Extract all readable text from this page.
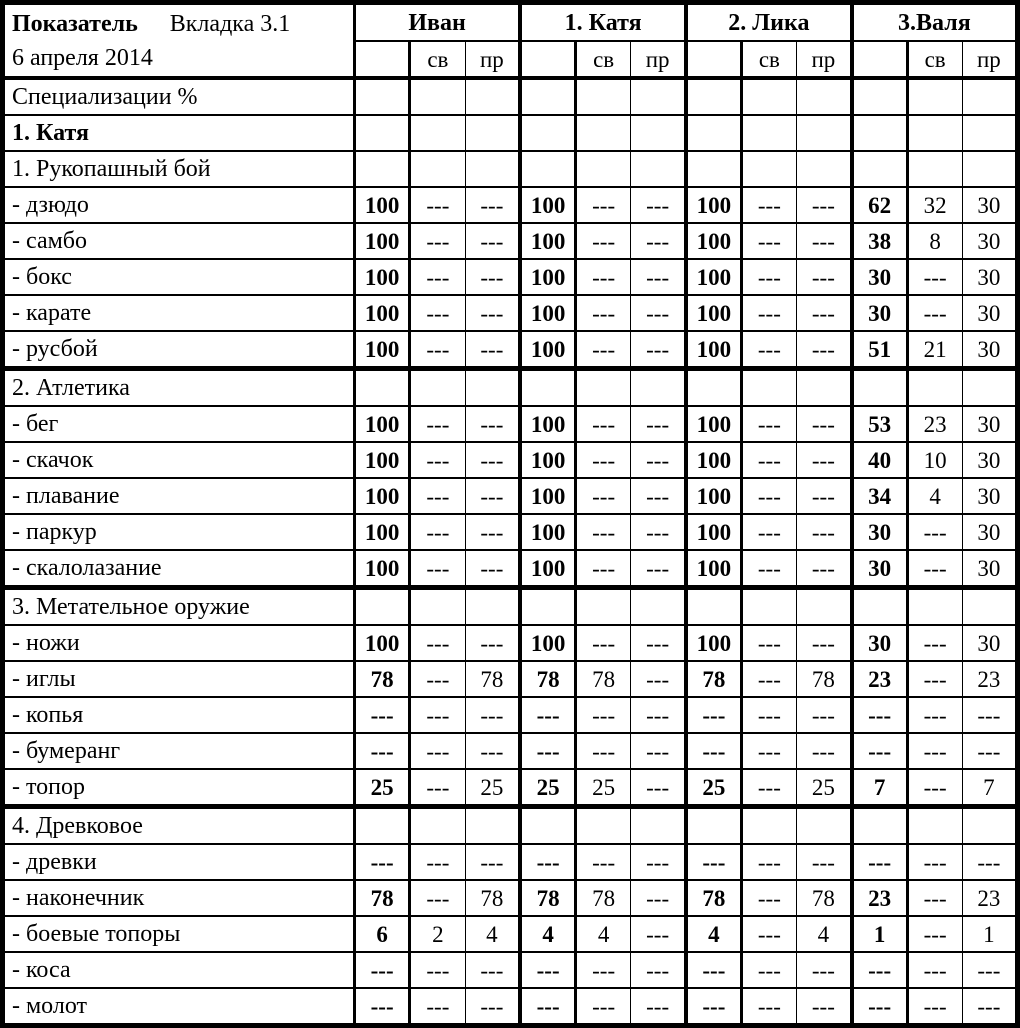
Показатель Вкладка 3.1
6 апреля 2014	Иван			1. Катя			2. Лика			3.Валя		
		св	пр		св	пр		св	пр		св	пр
Специализации %												
1. Катя												
1. Рукопашный бой												
- дзюдо	100	---	---	100	---	---	100	---	---	62	32	30
- самбо	100	---	---	100	---	---	100	---	---	38	8	30
- бокс	100	---	---	100	---	---	100	---	---	30	---	30
- карате	100	---	---	100	---	---	100	---	---	30	---	30
- русбой	100	---	---	100	---	---	100	---	---	51	21	30
2. Атлетика												
- бег	100	---	---	100	---	---	100	---	---	53	23	30
- скачок	100	---	---	100	---	---	100	---	---	40	10	30
- плавание	100	---	---	100	---	---	100	---	---	34	4	30
- паркур	100	---	---	100	---	---	100	---	---	30	---	30
- скалолазание	100	---	---	100	---	---	100	---	---	30	---	30
3. Метательное оружие												
- ножи	100	---	---	100	---	---	100	---	---	30	---	30
- иглы	78	---	78	78	78	---	78	---	78	23	---	23
- копья	---	---	---	---	---	---	---	---	---	---	---	---
- бумеранг	---	---	---	---	---	---	---	---	---	---	---	---
- топор	25	---	25	25	25	---	25	---	25	7	---	7
4. Древковое												
- древки	---	---	---	---	---	---	---	---	---	---	---	---
- наконечник	78	---	78	78	78	---	78	---	78	23	---	23
- боевые топоры	6	2	4	4	4	---	4	---	4	1	---	1
- коса	---	---	---	---	---	---	---	---	---	---	---	---
- молот	---	---	---	---	---	---	---	---	---	---	---	---
